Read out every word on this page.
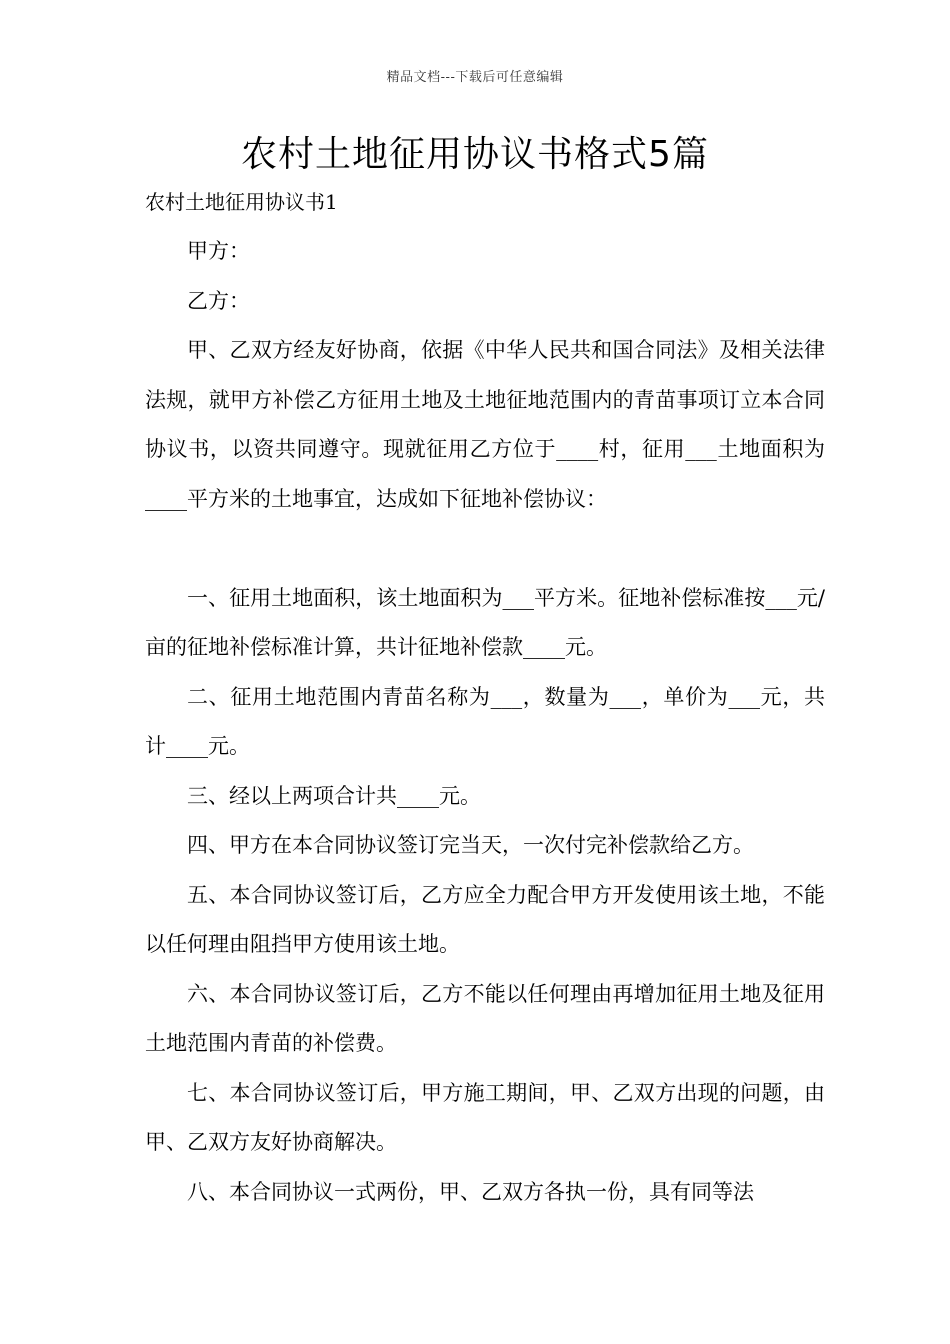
精品文档---下载后可任意编辑
农村土地征用协议书格式5篇
农村土地征用协议书1

甲方：

乙方：

甲、乙双方经友好协商，依据《中华人民共和国合同法》及相关法律法规，就甲方补偿乙方征用土地及土地征地范围内的青苗事项订立本合同协议书，以资共同遵守。现就征用乙方位于____村，征用___土地面积为____平方米的土地事宜，达成如下征地补偿协议：

一、征用土地面积，该土地面积为___平方米。征地补偿标准按___元/亩的征地补偿标准计算，共计征地补偿款____元。

二、征用土地范围内青苗名称为___，数量为___，单价为___元，共计____元。

三、经以上两项合计共____元。

四、甲方在本合同协议签订完当天，一次付完补偿款给乙方。

五、本合同协议签订后，乙方应全力配合甲方开发使用该土地，不能以任何理由阻挡甲方使用该土地。

六、本合同协议签订后，乙方不能以任何理由再增加征用土地及征用土地范围内青苗的补偿费。

七、本合同协议签订后，甲方施工期间，甲、乙双方出现的问题，由甲、乙双方友好协商解决。

八、本合同协议一式两份，甲、乙双方各执一份，具有同等法
